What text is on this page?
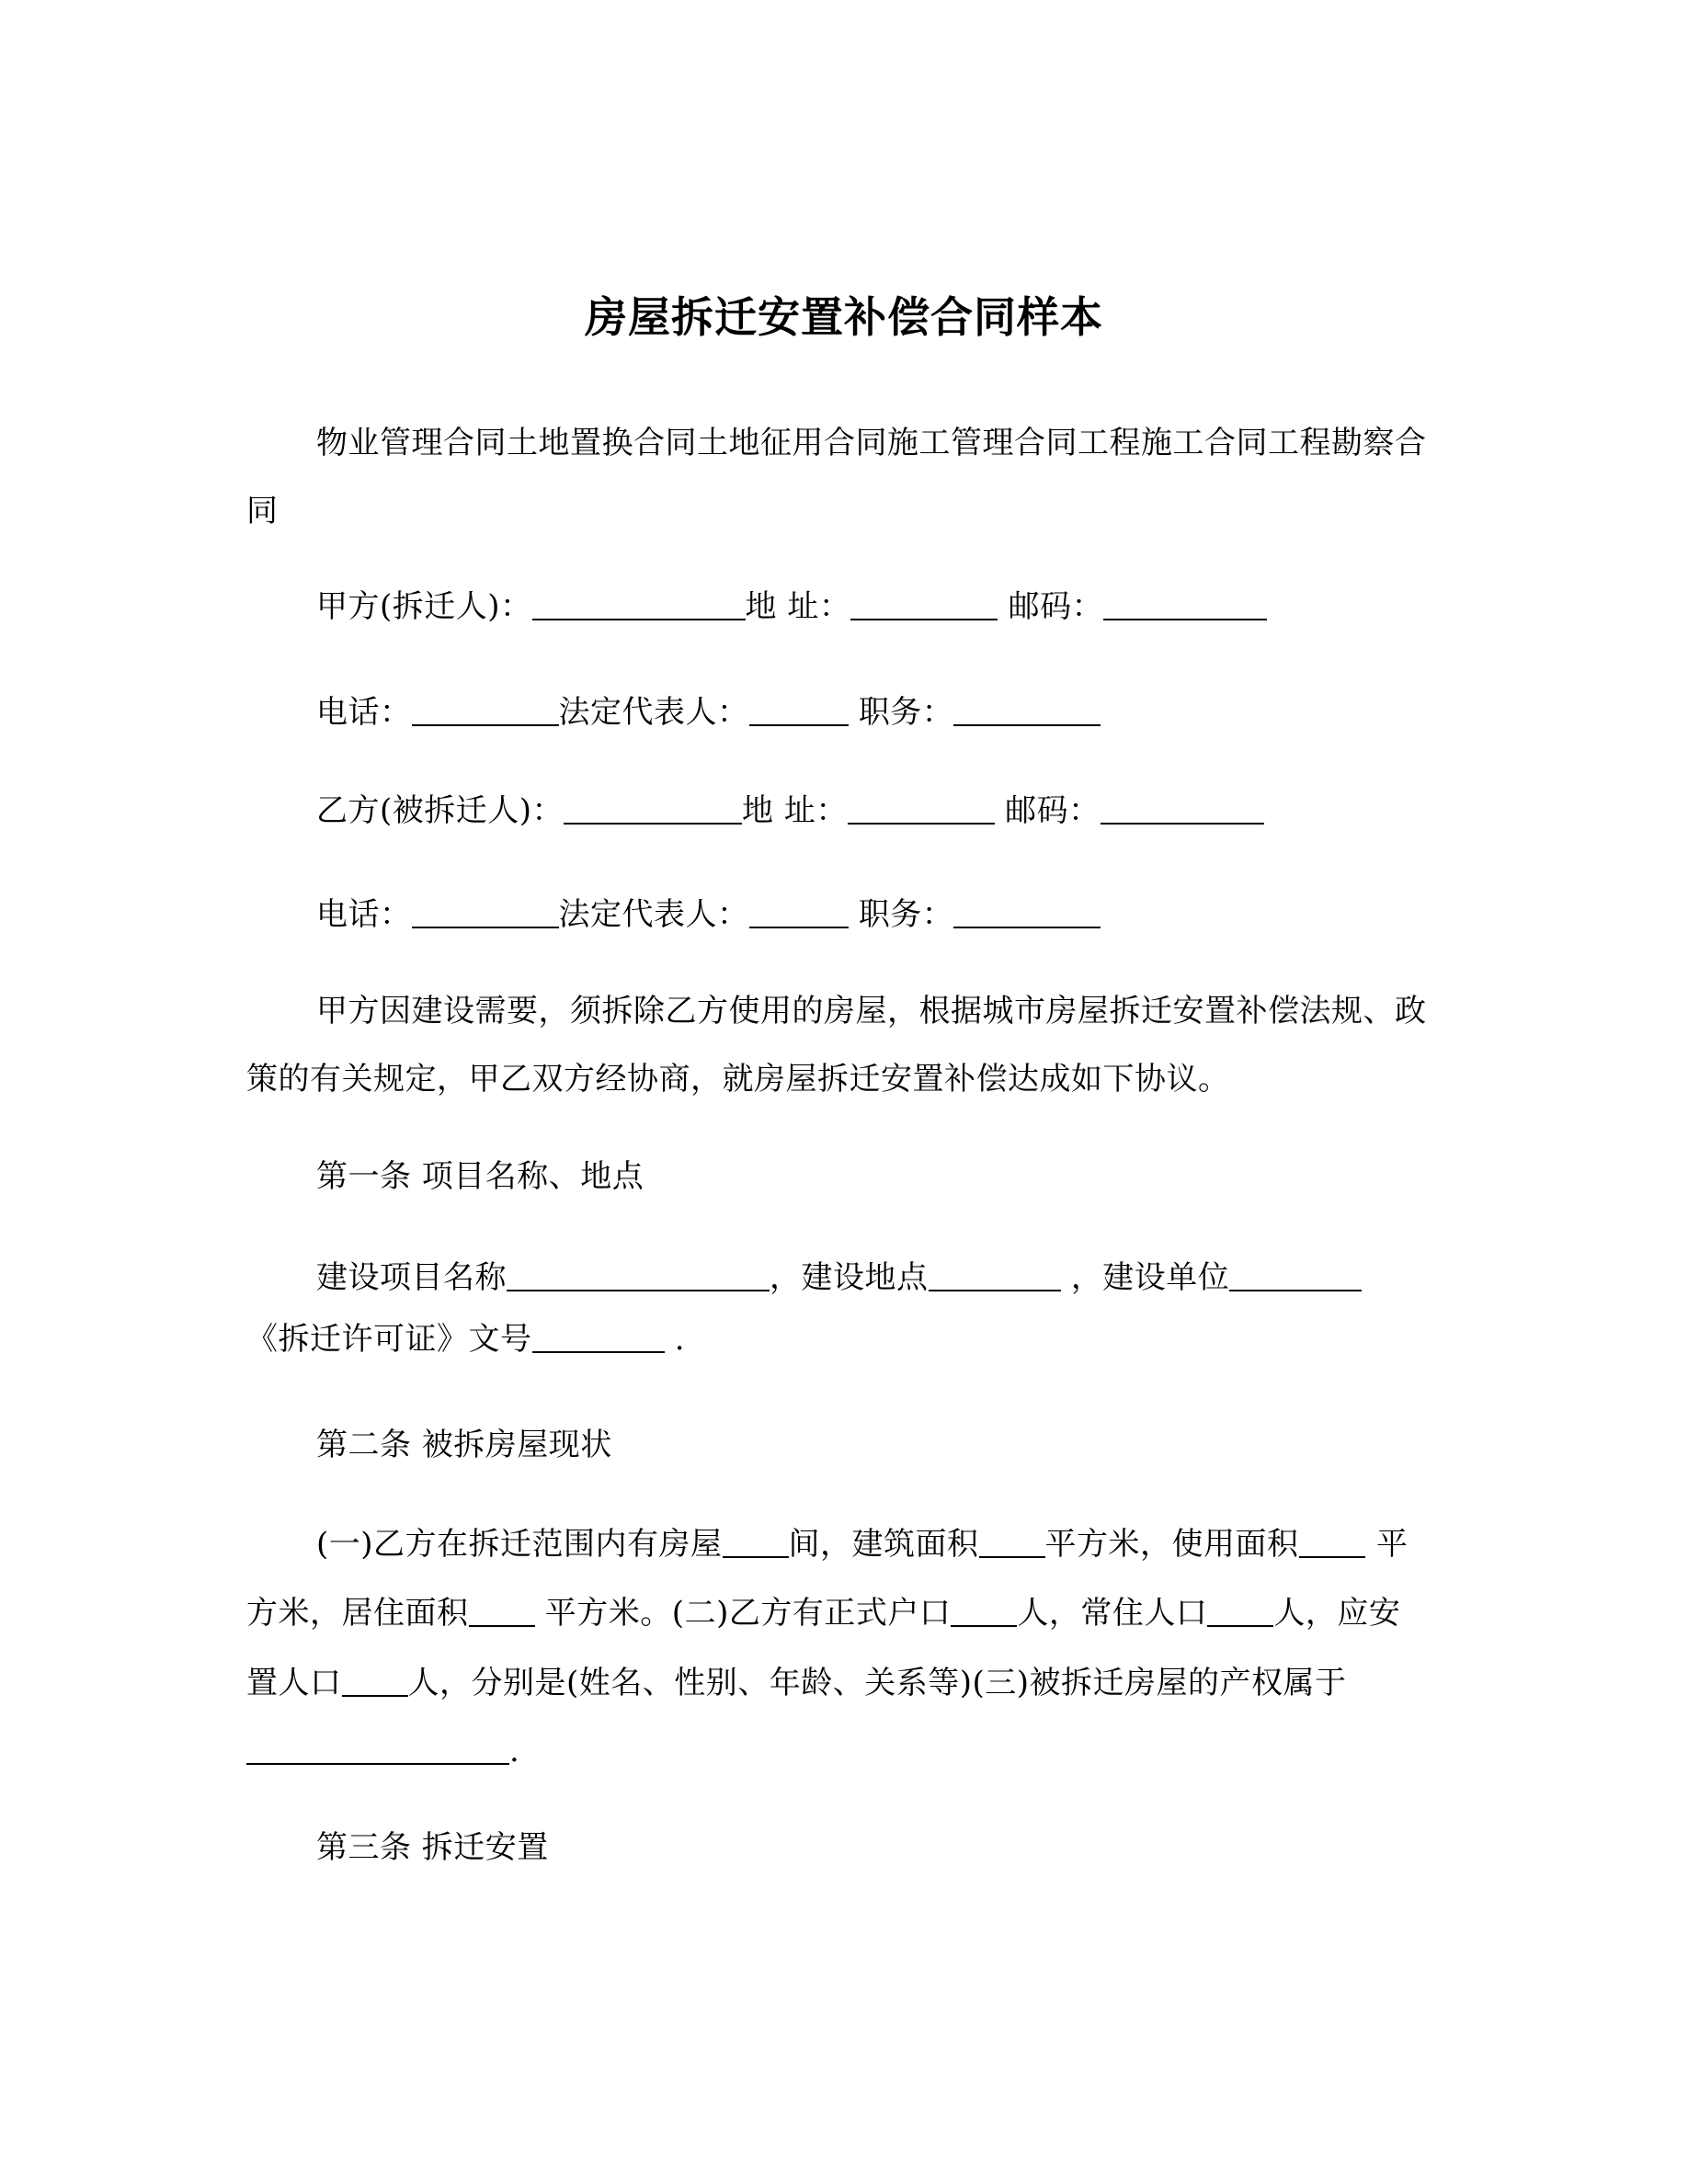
房屋拆迁安置补偿合同样本
物业管理合同土地置换合同土地征用合同施工管理合同工程施工合同工程勘察合同
甲方(拆迁人)：	地 址：	邮码：
电话：	法定代表人：	职务：
乙方(被拆迁人)：	地 址：	邮码：
电话：	法定代表人：	职务：
甲方因建设需要，须拆除乙方使用的房屋，根据城市房屋拆迁安置补偿法规、政策的有关规定，甲乙双方经协商，就房屋拆迁安置补偿达成如下协议。
第一条 项目名称、地点
建设项目名称	，建设地点	，建设单位
《拆迁许可证》文号	.
第二条 被拆房屋现状
(一)乙方在拆迁范围内有房屋 间，建筑面积 平方米，使用面积	平
方米，居住面积 平方米。(二)乙方有正式户口 人，常住人口 人，应安
置人口 人，分别是(姓名、性别、年龄、关系等)(三)被拆迁房屋的产权属于
.
第三条 拆迁安置
